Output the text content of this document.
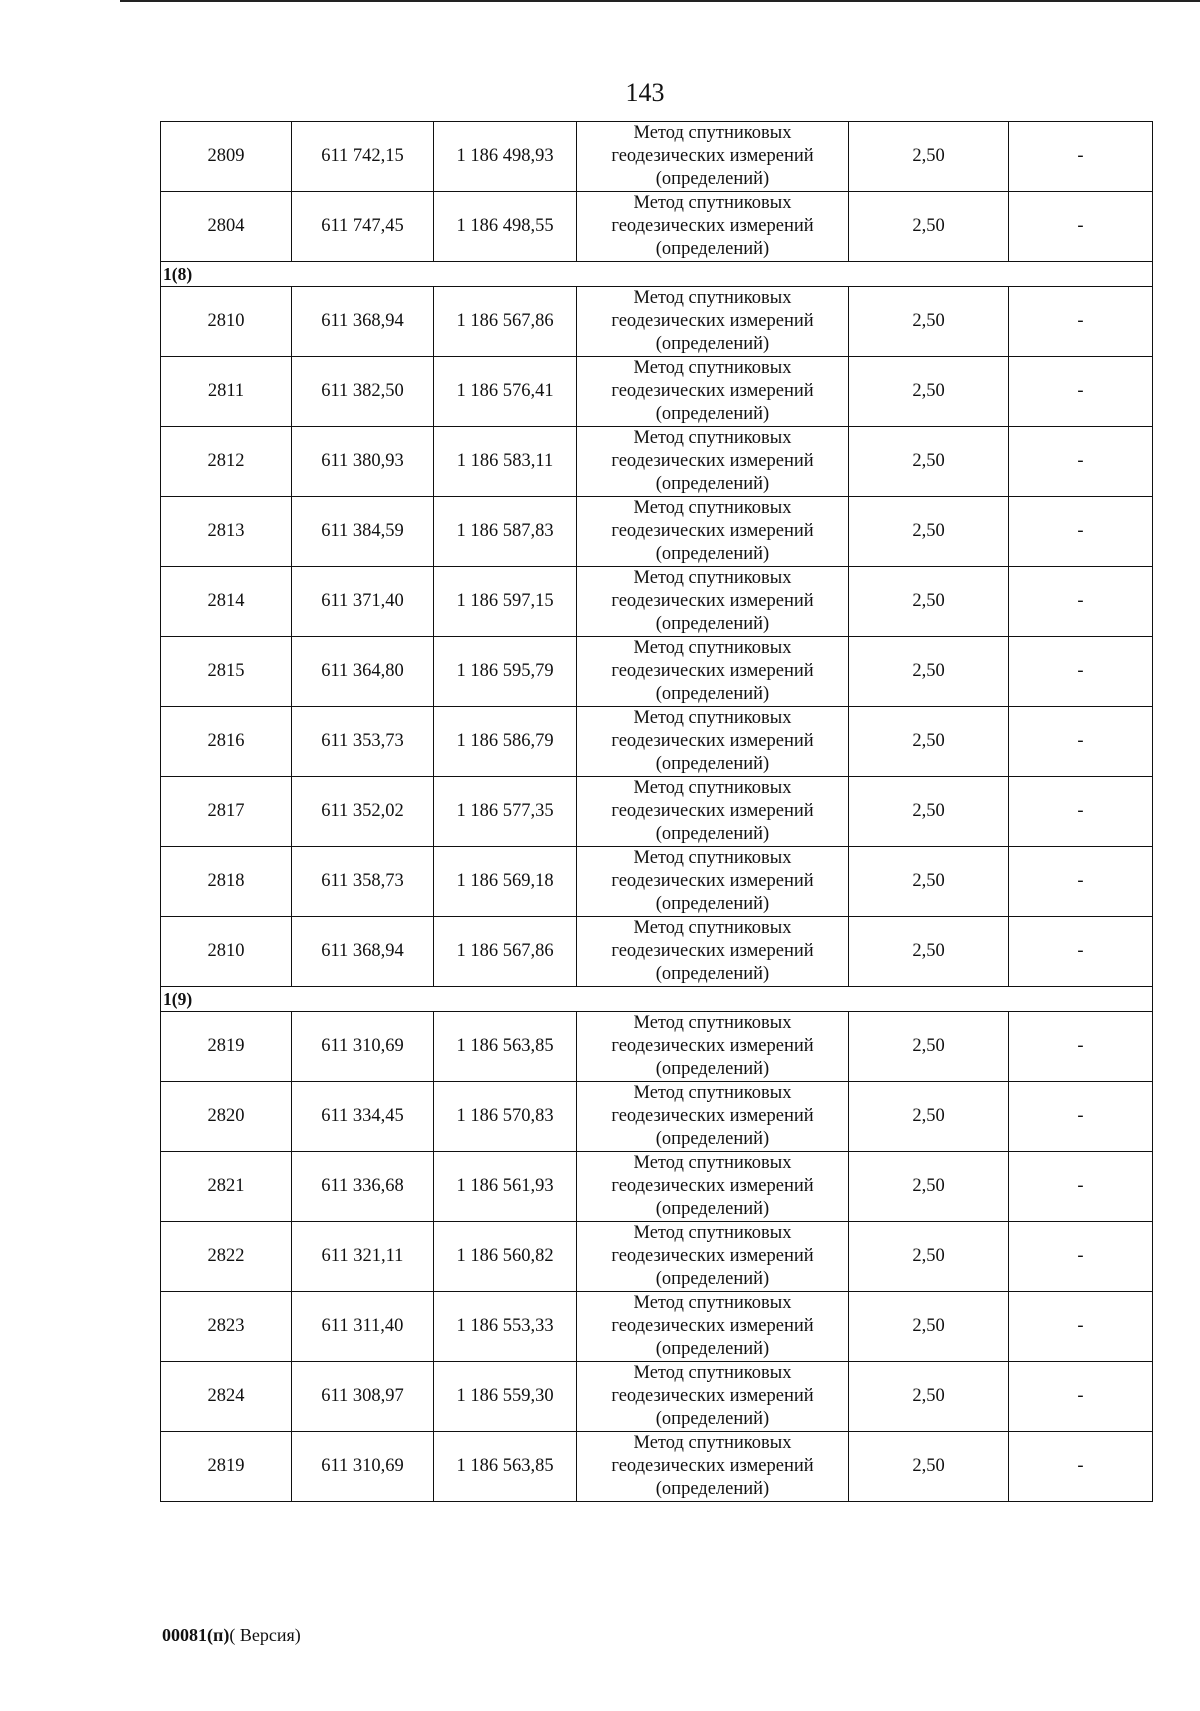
143
2809	611 742,15	1 186 498,93	Метод спутниковых
геодезических измерений
(определений)	2,50	-
2804	611 747,45	1 186 498,55	Метод спутниковых
геодезических измерений
(определений)	2,50	-
1(8)					
2810	611 368,94	1 186 567,86	Метод спутниковых
геодезических измерений
(определений)	2,50	-
2811	611 382,50	1 186 576,41	Метод спутниковых
геодезических измерений
(определений)	2,50	-
2812	611 380,93	1 186 583,11	Метод спутниковых
геодезических измерений
(определений)	2,50	-
2813	611 384,59	1 186 587,83	Метод спутниковых
геодезических измерений
(определений)	2,50	-
2814	611 371,40	1 186 597,15	Метод спутниковых
геодезических измерений
(определений)	2,50	-
2815	611 364,80	1 186 595,79	Метод спутниковых
геодезических измерений
(определений)	2,50	-
2816	611 353,73	1 186 586,79	Метод спутниковых
геодезических измерений
(определений)	2,50	-
2817	611 352,02	1 186 577,35	Метод спутниковых
геодезических измерений
(определений)	2,50	-
2818	611 358,73	1 186 569,18	Метод спутниковых
геодезических измерений
(определений)	2,50	-
2810	611 368,94	1 186 567,86	Метод спутниковых
геодезических измерений
(определений)	2,50	-
1(9)					
2819	611 310,69	1 186 563,85	Метод спутниковых
геодезических измерений
(определений)	2,50	-
2820	611 334,45	1 186 570,83	Метод спутниковых
геодезических измерений
(определений)	2,50	-
2821	611 336,68	1 186 561,93	Метод спутниковых
геодезических измерений
(определений)	2,50	-
2822	611 321,11	1 186 560,82	Метод спутниковых
геодезических измерений
(определений)	2,50	-
2823	611 311,40	1 186 553,33	Метод спутниковых
геодезических измерений
(определений)	2,50	-
2824	611 308,97	1 186 559,30	Метод спутниковых
геодезических измерений
(определений)	2,50	-
2819	611 310,69	1 186 563,85	Метод спутниковых
геодезических измерений
(определений)	2,50	-
00081(п)( Версия)
